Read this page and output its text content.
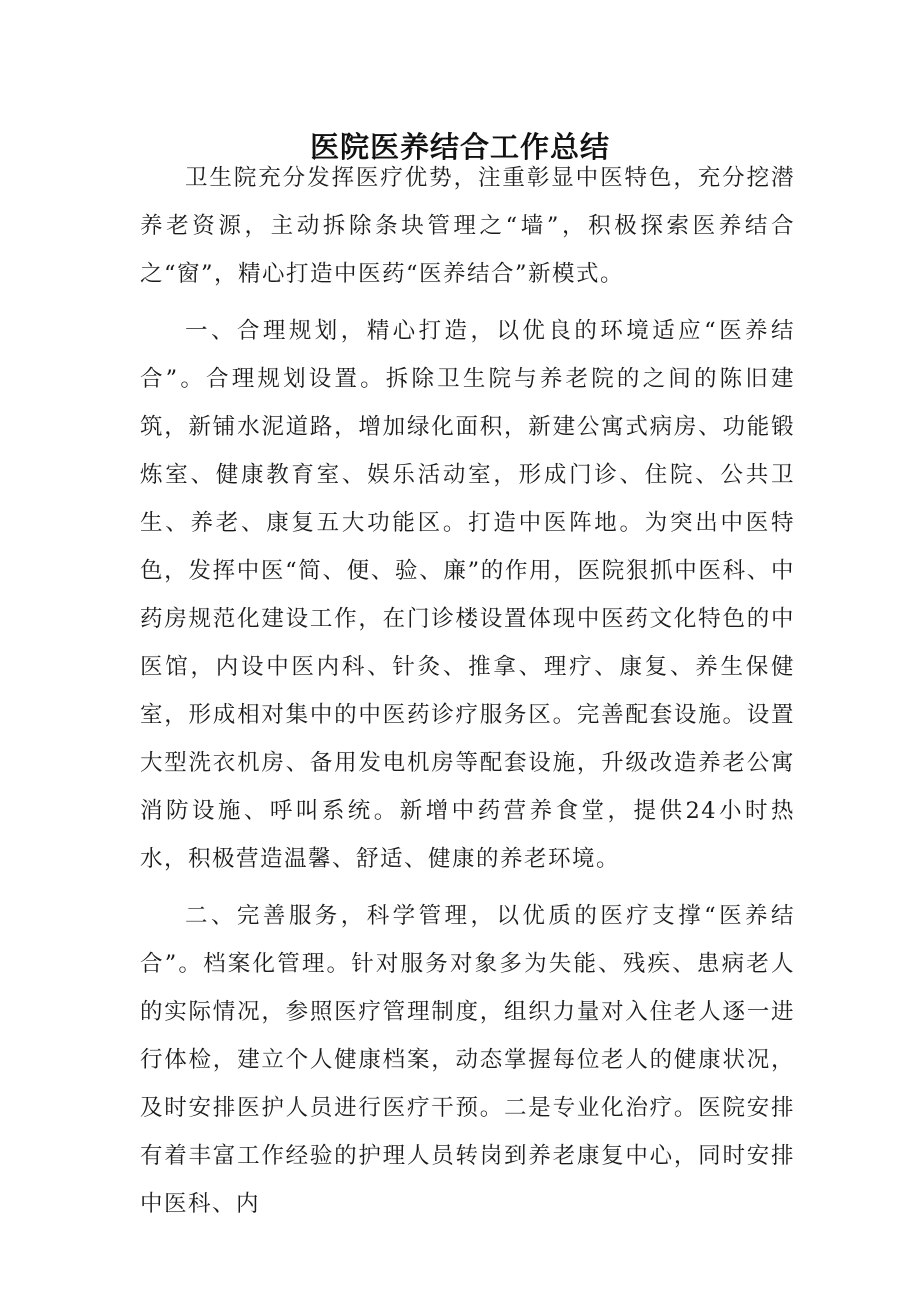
医院医养结合工作总结

卫生院充分发挥医疗优势，注重彰显中医特色，充分挖潜养老资源，主动拆除条块管理之“墙”，积极探索医养结合之“窗”，精心打造中医药“医养结合”新模式。

一、合理规划，精心打造，以优良的环境适应“医养结合”。合理规划设置。拆除卫生院与养老院的之间的陈旧建筑，新铺水泥道路，增加绿化面积，新建公寓式病房、功能锻炼室、健康教育室、娱乐活动室，形成门诊、住院、公共卫生、养老、康复五大功能区。打造中医阵地。为突出中医特色，发挥中医“简、便、验、廉”的作用，医院狠抓中医科、中药房规范化建设工作，在门诊楼设置体现中医药文化特色的中医馆，内设中医内科、针灸、推拿、理疗、康复、养生保健室，形成相对集中的中医药诊疗服务区。完善配套设施。设置大型洗衣机房、备用发电机房等配套设施，升级改造养老公寓消防设施、呼叫系统。新增中药营养食堂，提供24小时热水，积极营造温馨、舒适、健康的养老环境。

二、完善服务，科学管理，以优质的医疗支撑“医养结合”。档案化管理。针对服务对象多为失能、残疾、患病老人的实际情况，参照医疗管理制度，组织力量对入住老人逐一进行体检，建立个人健康档案，动态掌握每位老人的健康状况，及时安排医护人员进行医疗干预。二是专业化治疗。医院安排有着丰富工作经验的护理人员转岗到养老康复中心，同时安排中医科、内
